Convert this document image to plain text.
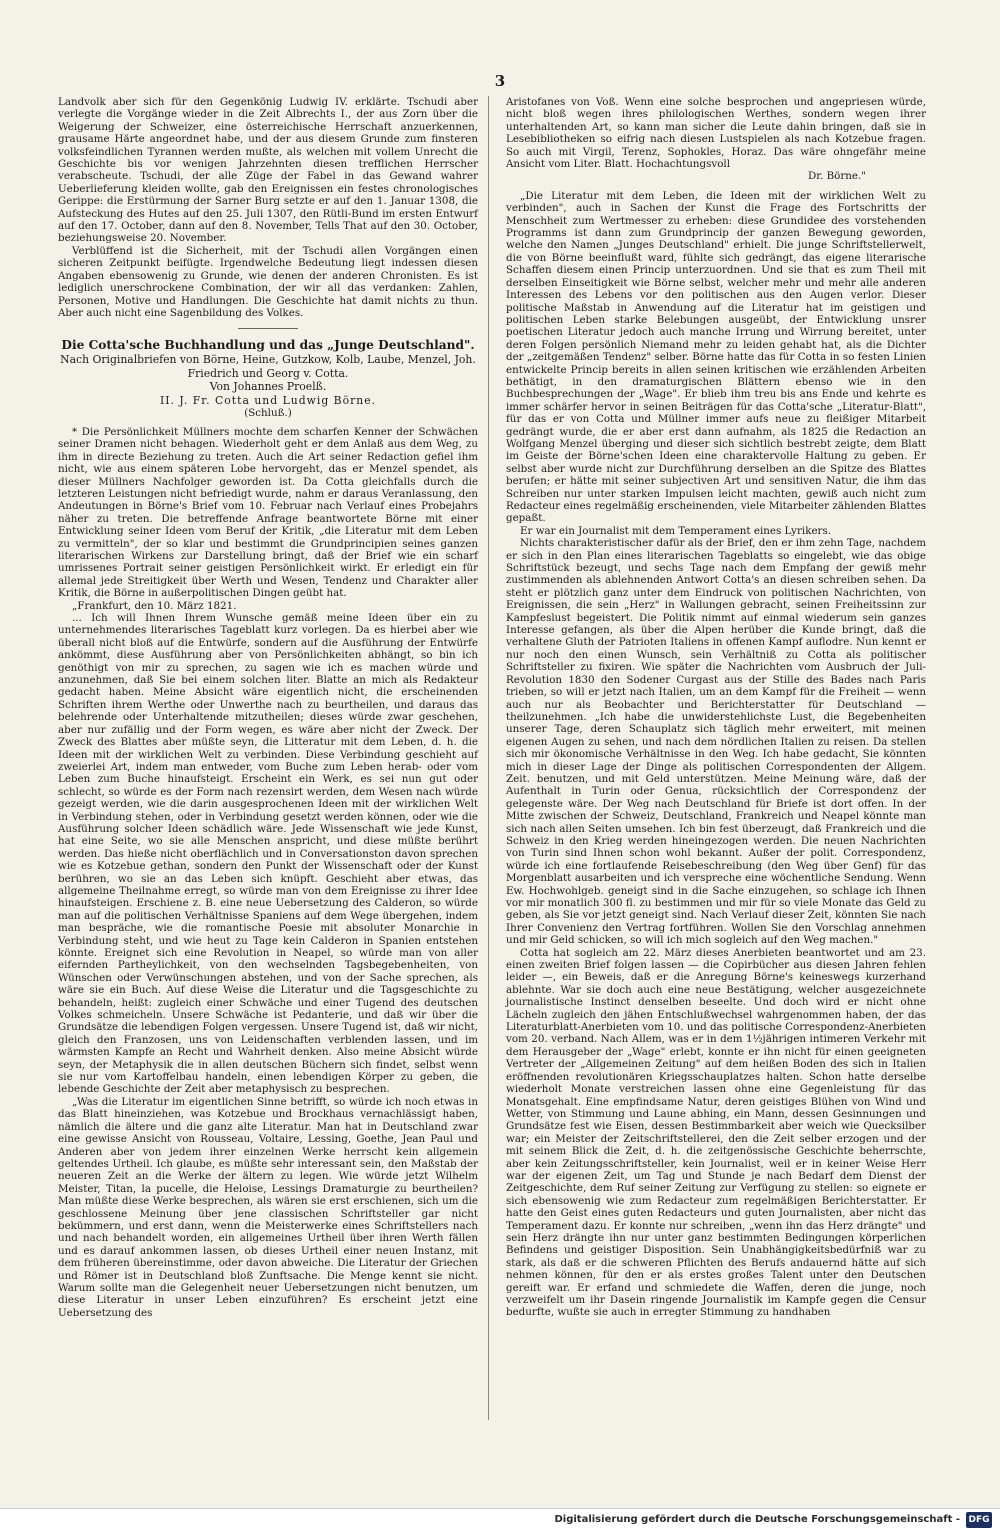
3

Landvolk aber sich für den Gegenkönig Ludwig IV. erklärte. Tschudi aber verlegte die Vorgänge wieder in die Zeit Albrechts I., der aus Zorn über die Weigerung der Schweizer, eine österreichische Herrschaft anzuerkennen, grausame Härte angeordnet habe, und der aus diesem Grunde zum finsteren volksfeindlichen Tyrannen werden mußte, als welchen mit vollem Unrecht die Geschichte bis vor wenigen Jahrzehnten diesen trefflichen Herrscher verabscheute. Tschudi, der alle Züge der Fabel in das Gewand wahrer Ueberlieferung kleiden wollte, gab den Ereignissen ein festes chronologisches Gerippe: die Erstürmung der Sarner Burg setzte er auf den 1. Januar 1308, die Aufsteckung des Hutes auf den 25. Juli 1307, den Rütli-Bund im ersten Entwurf auf den 17. October, dann auf den 8. November, Tells That auf den 30. October, beziehungsweise 20. November.

Verblüffend ist die Sicherheit, mit der Tschudi allen Vorgängen einen sicheren Zeitpunkt beifügte. Irgendwelche Bedeutung liegt indessen diesen Angaben ebensowenig zu Grunde, wie denen der anderen Chronisten. Es ist lediglich unerschrockene Combination, der wir all das verdanken: Zahlen, Personen, Motive und Handlungen. Die Geschichte hat damit nichts zu thun. Aber auch nicht eine Sagenbildung des Volkes.

Die Cotta'sche Buchhandlung und das „Junge Deutschland".
Nach Originalbriefen von Börne, Heine, Gutzkow, Kolb, Laube, Menzel, Joh. Friedrich und Georg v. Cotta.
Von Johannes Proelß.
II. J. Fr. Cotta und Ludwig Börne.
(Schluß.)

* Die Persönlichkeit Müllners mochte dem scharfen Kenner der Schwächen seiner Dramen nicht behagen. Wiederholt geht er dem Anlaß aus dem Weg, zu ihm in directe Beziehung zu treten. Auch die Art seiner Redaction gefiel ihm nicht, wie aus einem späteren Lobe hervorgeht, das er Menzel spendet, als dieser Müllners Nachfolger geworden ist. Da Cotta gleichfalls durch die letzteren Leistungen nicht befriedigt wurde, nahm er daraus Veranlassung, den Andeutungen in Börne's Brief vom 10. Februar nach Verlauf eines Probejahrs näher zu treten. Die betreffende Anfrage beantwortete Börne mit einer Entwicklung seiner Ideen vom Beruf der Kritik, „die Literatur mit dem Leben zu vermitteln", der so klar und bestimmt die Grundprincipien seines ganzen literarischen Wirkens zur Darstellung bringt, daß der Brief wie ein scharf umrissenes Portrait seiner geistigen Persönlichkeit wirkt. Er erledigt ein für allemal jede Streitigkeit über Werth und Wesen, Tendenz und Charakter aller Kritik, die Börne in außerpolitischen Dingen geübt hat.

„Frankfurt, den 10. März 1821.

... Ich will Ihnen Ihrem Wunsche gemäß meine Ideen über ein zu unternehmendes literarisches Tageblatt kurz vorlegen. Da es hierbei aber wie überall nicht bloß auf die Entwürfe, sondern auf die Ausführung der Entwürfe ankömmt, diese Ausführung aber von Persönlichkeiten abhängt, so bin ich genöthigt von mir zu sprechen, zu sagen wie ich es machen würde und anzunehmen, daß Sie bei einem solchen liter. Blatte an mich als Redakteur gedacht haben. Meine Absicht wäre eigentlich nicht, die erscheinenden Schriften ihrem Werthe oder Unwerthe nach zu beurtheilen, und daraus das belehrende oder Unterhaltende mitzutheilen; dieses würde zwar geschehen, aber nur zufällig und der Form wegen, es wäre aber nicht der Zweck. Der Zweck des Blattes aber müßte seyn, die Litteratur mit dem Leben, d. h. die Ideen mit der wirklichen Welt zu verbinden. Diese Verbindung geschieht auf zweierlei Art, indem man entweder, vom Buche zum Leben herab- oder vom Leben zum Buche hinaufsteigt. Erscheint ein Werk, es sei nun gut oder schlecht, so würde es der Form nach rezensirt werden, dem Wesen nach würde gezeigt werden, wie die darin ausgesprochenen Ideen mit der wirklichen Welt in Verbindung stehen, oder in Verbindung gesetzt werden können, oder wie die Ausführung solcher Ideen schädlich wäre. Jede Wissenschaft wie jede Kunst, hat eine Seite, wo sie alle Menschen anspricht, und diese müßte berührt werden. Das hieße nicht oberflächlich und in Conversationston davon sprechen wie es Kotzebue gethan, sondern den Punkt der Wissenschaft oder der Kunst berühren, wo sie an das Leben sich knüpft. Geschieht aber etwas, das allgemeine Theilnahme erregt, so würde man von dem Ereignisse zu ihrer Idee hinaufsteigen. Erschiene z. B. eine neue Uebersetzung des Calderon, so würde man auf die politischen Verhältnisse Spaniens auf dem Wege übergehen, indem man bespräche, wie die romantische Poesie mit absoluter Monarchie in Verbindung steht, und wie heut zu Tage kein Calderon in Spanien entstehen könnte. Ereignet sich eine Revolution in Neapel, so würde man von aller eifernden Partheylichkeit, von den wechselnden Tagsbegebenheiten, von Wünschen oder Verwünschungen abstehen, und von der Sache sprechen, als wäre sie ein Buch. Auf diese Weise die Literatur und die Tagsgeschichte zu behandeln, heißt: zugleich einer Schwäche und einer Tugend des deutschen Volkes schmeicheln. Unsere Schwäche ist Pedanterie, und daß wir über die Grundsätze die lebendigen Folgen vergessen. Unsere Tugend ist, daß wir nicht, gleich den Franzosen, uns von Leidenschaften verblenden lassen, und im wärmsten Kampfe an Recht und Wahrheit denken. Also meine Absicht würde seyn, der Metaphysik die in allen deutschen Büchern sich findet, selbst wenn sie nur vom Kartoffelbau handeln, einen lebendigen Körper zu geben, die lebende Geschichte der Zeit aber metaphysisch zu besprechen.

„Was die Literatur im eigentlichen Sinne betrifft, so würde ich noch etwas in das Blatt hineinziehen, was Kotzebue und Brockhaus vernachlässigt haben, nämlich die ältere und die ganz alte Literatur. Man hat in Deutschland zwar eine gewisse Ansicht von Rousseau, Voltaire, Lessing, Goethe, Jean Paul und Anderen aber von jedem ihrer einzelnen Werke herrscht kein allgemein geltendes Urtheil. Ich glaube, es müßte sehr interessant sein, den Maßstab der neueren Zeit an die Werke der ältern zu legen. Wie würde jetzt Wilhelm Meister, Titan, la pucelle, die Heloise, Lessings Dramaturgie zu beurtheilen? Man müßte diese Werke besprechen, als wären sie erst erschienen, sich um die geschlossene Meinung über jene classischen Schriftsteller gar nicht bekümmern, und erst dann, wenn die Meisterwerke eines Schriftstellers nach und nach behandelt worden, ein allgemeines Urtheil über ihren Werth fällen und es darauf ankommen lassen, ob dieses Urtheil einer neuen Instanz, mit dem früheren übereinstimme, oder davon abweiche. Die Literatur der Griechen und Römer ist in Deutschland bloß Zunftsache. Die Menge kennt sie nicht. Warum sollte man die Gelegenheit neuer Uebersetzungen nicht benutzen, um diese Literatur in unser Leben einzuführen? Es erscheint jetzt eine Uebersetzung des

Aristofanes von Voß. Wenn eine solche besprochen und angepriesen würde, nicht bloß wegen ihres philologischen Werthes, sondern wegen ihrer unterhaltenden Art, so kann man sicher die Leute dahin bringen, daß sie in Lesebibliotheken so eifrig nach diesen Lustspielen als nach Kotzebue fragen. So auch mit Virgil, Terenz, Sophokles, Horaz. Das wäre ohngefähr meine Ansicht vom Liter. Blatt. Hochachtungsvoll

Dr. Börne."

„Die Literatur mit dem Leben, die Ideen mit der wirklichen Welt zu verbinden", auch in Sachen der Kunst die Frage des Fortschritts der Menschheit zum Wertmesser zu erheben: diese Grundidee des vorstehenden Programms ist dann zum Grundprincip der ganzen Bewegung geworden, welche den Namen „Junges Deutschland" erhielt. Die junge Schriftstellerwelt, die von Börne beeinflußt ward, fühlte sich gedrängt, das eigene literarische Schaffen diesem einen Princip unterzuordnen. Und sie that es zum Theil mit derselben Einseitigkeit wie Börne selbst, welcher mehr und mehr alle anderen Interessen des Lebens vor den politischen aus den Augen verlor. Dieser politische Maßstab in Anwendung auf die Literatur hat im geistigen und politischen Leben starke Belebungen ausgeübt, der Entwicklung unsrer poetischen Literatur jedoch auch manche Irrung und Wirrung bereitet, unter deren Folgen persönlich Niemand mehr zu leiden gehabt hat, als die Dichter der „zeitgemäßen Tendenz" selber. Börne hatte das für Cotta in so festen Linien entwickelte Princip bereits in allen seinen kritischen wie erzählenden Arbeiten bethätigt, in den dramaturgischen Blättern ebenso wie in den Buchbesprechungen der „Wage". Er blieb ihm treu bis ans Ende und kehrte es immer schärfer hervor in seinen Beiträgen für das Cotta'sche „Literatur-Blatt", für das er von Cotta und Müllner immer aufs neue zu fleißiger Mitarbeit gedrängt wurde, die er aber erst dann aufnahm, als 1825 die Redaction an Wolfgang Menzel überging und dieser sich sichtlich bestrebt zeigte, dem Blatt im Geiste der Börne'schen Ideen eine charaktervolle Haltung zu geben. Er selbst aber wurde nicht zur Durchführung derselben an die Spitze des Blattes berufen; er hätte mit seiner subjectiven Art und sensitiven Natur, die ihm das Schreiben nur unter starken Impulsen leicht machten, gewiß auch nicht zum Redacteur eines regelmäßig erscheinenden, viele Mitarbeiter zählenden Blattes gepaßt.

Er war ein Journalist mit dem Temperament eines Lyrikers.

Nichts charakteristischer dafür als der Brief, den er ihm zehn Tage, nachdem er sich in den Plan eines literarischen Tageblatts so eingelebt, wie das obige Schriftstück bezeugt, und sechs Tage nach dem Empfang der gewiß mehr zustimmenden als ablehnenden Antwort Cotta's an diesen schreiben sehen. Da steht er plötzlich ganz unter dem Eindruck von politischen Nachrichten, von Ereignissen, die sein „Herz" in Wallungen gebracht, seinen Freiheitssinn zur Kampfeslust begeistert. Die Politik nimmt auf einmal wiederum sein ganzes Interesse gefangen, als über die Alpen herüber die Kunde bringt, daß die verhaltene Gluth der Patrioten Italiens in offenen Kampf auflodre. Nun kennt er nur noch den einen Wunsch, sein Verhältniß zu Cotta als politischer Schriftsteller zu fixiren. Wie später die Nachrichten vom Ausbruch der Juli-Revolution 1830 den Sodener Curgast aus der Stille des Bades nach Paris trieben, so will er jetzt nach Italien, um an dem Kampf für die Freiheit — wenn auch nur als Beobachter und Berichterstatter für Deutschland — theilzunehmen. „Ich habe die unwiderstehlichste Lust, die Begebenheiten unserer Tage, deren Schauplatz sich täglich mehr erweitert, mit meinen eigenen Augen zu sehen, und nach dem nördlichen Italien zu reisen. Da stellen sich mir ökonomische Verhältnisse in den Weg. Ich habe gedacht, Sie könnten mich in dieser Lage der Dinge als politischen Correspondenten der Allgem. Zeit. benutzen, und mit Geld unterstützen. Meine Meinung wäre, daß der Aufenthalt in Turin oder Genua, rücksichtlich der Correspondenz der gelegenste wäre. Der Weg nach Deutschland für Briefe ist dort offen. In der Mitte zwischen der Schweiz, Deutschland, Frankreich und Neapel könnte man sich nach allen Seiten umsehen. Ich bin fest überzeugt, daß Frankreich und die Schweiz in den Krieg werden hineingezogen werden. Die neuen Nachrichten von Turin sind Ihnen schon wohl bekannt. Außer der polit. Correspondenz, würde ich eine fortlaufende Reisebeschreibung (den Weg über Genf) für das Morgenblatt ausarbeiten und ich verspreche eine wöchentliche Sendung. Wenn Ew. Hochwohlgeb. geneigt sind in die Sache einzugehen, so schlage ich Ihnen vor mir monatlich 300 fl. zu bestimmen und mir für so viele Monate das Geld zu geben, als Sie vor jetzt geneigt sind. Nach Verlauf dieser Zeit, könnten Sie nach Ihrer Convenienz den Vertrag fortführen. Wollen Sie den Vorschlag annehmen und mir Geld schicken, so will ich mich sogleich auf den Weg machen."

Cotta hat sogleich am 22. März dieses Anerbieten beantwortet und am 23. einen zweiten Brief folgen lassen — die Copirbücher aus diesen Jahren fehlen leider —, ein Beweis, daß er die Anregung Börne's keineswegs kurzerhand ablehnte. War sie doch auch eine neue Bestätigung, welcher ausgezeichnete journalistische Instinct denselben beseelte. Und doch wird er nicht ohne Lächeln zugleich den jähen Entschlußwechsel wahrgenommen haben, der das Literaturblatt-Anerbieten vom 10. und das politische Correspondenz-Anerbieten vom 20. verband. Nach Allem, was er in dem 1½jährigen intimeren Verkehr mit dem Herausgeber der „Wage" erlebt, konnte er ihn nicht für einen geeigneten Vertreter der „Allgemeinen Zeitung" auf dem heißen Boden des sich in Italien eröffnenden revolutionären Kriegsschauplatzes halten. Schon hatte derselbe wiederholt Monate verstreichen lassen ohne eine Gegenleistung für das Monatsgehalt. Eine empfindsame Natur, deren geistiges Blühen von Wind und Wetter, von Stimmung und Laune abhing, ein Mann, dessen Gesinnungen und Grundsätze fest wie Eisen, dessen Bestimmbarkeit aber weich wie Quecksilber war; ein Meister der Zeitschriftstellerei, den die Zeit selber erzogen und der mit seinem Blick die Zeit, d. h. die zeitgenössische Geschichte beherrschte, aber kein Zeitungsschriftsteller, kein Journalist, weil er in keiner Weise Herr war der eigenen Zeit, um Tag und Stunde je nach Bedarf dem Dienst der Zeitgeschichte, dem Ruf seiner Zeitung zur Verfügung zu stellen: so eignete er sich ebensowenig wie zum Redacteur zum regelmäßigen Berichterstatter. Er hatte den Geist eines guten Redacteurs und guten Journalisten, aber nicht das Temperament dazu. Er konnte nur schreiben, „wenn ihn das Herz drängte" und sein Herz drängte ihn nur unter ganz bestimmten Bedingungen körperlichen Befindens und geistiger Disposition. Sein Unabhängigkeitsbedürfniß war zu stark, als daß er die schweren Pflichten des Berufs andauernd hätte auf sich nehmen können, für den er als erstes großes Talent unter den Deutschen gereift war. Er erfand und schmiedete die Waffen, deren die junge, noch verzweifelt um ihr Dasein ringende Journalistik im Kampfe gegen die Censur bedurfte, wußte sie auch in erregter Stimmung zu handhaben

Digitalisierung gefördert durch die Deutsche Forschungsgemeinschaft - DFG
